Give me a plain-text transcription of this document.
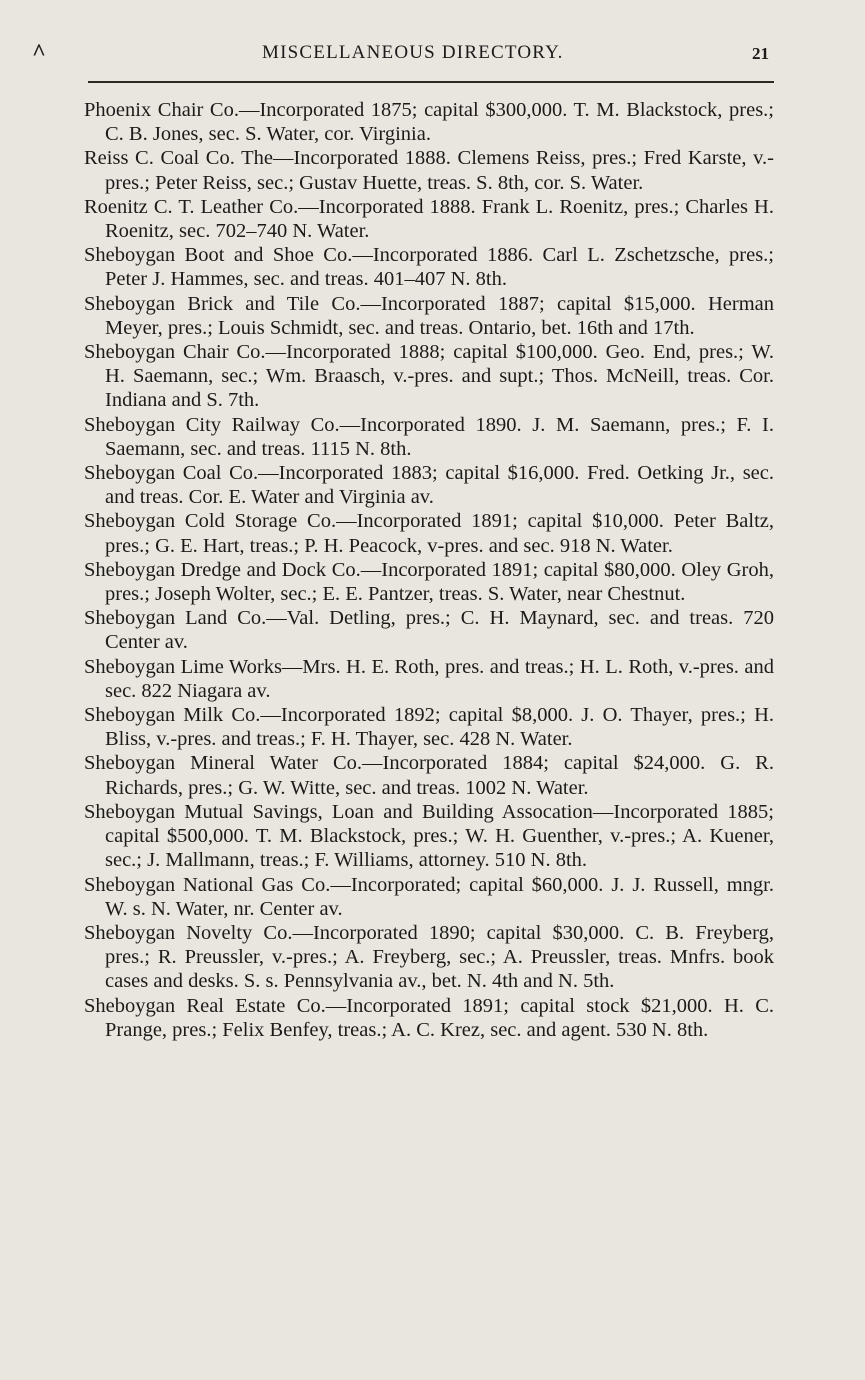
^	MISCELLANEOUS DIRECTORY.	21

Phoenix Chair Co.—Incorporated 1875; capital $300,000. T. M. Blackstock, pres.; C. B. Jones, sec. S. Water, cor. Virginia.

Reiss C. Coal Co. The—Incorporated 1888. Clemens Reiss, pres.; Fred Karste, v.-pres.; Peter Reiss, sec.; Gustav Huette, treas. S. 8th, cor. S. Water.

Roenitz C. T. Leather Co.—Incorporated 1888. Frank L. Roenitz, pres.; Charles H. Roenitz, sec. 702–740 N. Water.

Sheboygan Boot and Shoe Co.—Incorporated 1886. Carl L. Zschetzsche, pres.; Peter J. Hammes, sec. and treas. 401–407 N. 8th.

Sheboygan Brick and Tile Co.—Incorporated 1887; capital $15,000. Herman Meyer, pres.; Louis Schmidt, sec. and treas. Ontario, bet. 16th and 17th.

Sheboygan Chair Co.—Incorporated 1888; capital $100,000. Geo. End, pres.; W. H. Saemann, sec.; Wm. Braasch, v.-pres. and supt.; Thos. McNeill, treas. Cor. Indiana and S. 7th.

Sheboygan City Railway Co.—Incorporated 1890. J. M. Saemann, pres.; F. I. Saemann, sec. and treas. 1115 N. 8th.

Sheboygan Coal Co.—Incorporated 1883; capital $16,000. Fred. Oetking Jr., sec. and treas. Cor. E. Water and Virginia av.

Sheboygan Cold Storage Co.—Incorporated 1891; capital $10,000. Peter Baltz, pres.; G. E. Hart, treas.; P. H. Peacock, v-pres. and sec. 918 N. Water.

Sheboygan Dredge and Dock Co.—Incorporated 1891; capital $80,000. Oley Groh, pres.; Joseph Wolter, sec.; E. E. Pantzer, treas. S. Water, near Chestnut.

Sheboygan Land Co.—Val. Detling, pres.; C. H. Maynard, sec. and treas. 720 Center av.

Sheboygan Lime Works—Mrs. H. E. Roth, pres. and treas.; H. L. Roth, v.-pres. and sec. 822 Niagara av.

Sheboygan Milk Co.—Incorporated 1892; capital $8,000. J. O. Thayer, pres.; H. Bliss, v.-pres. and treas.; F. H. Thayer, sec. 428 N. Water.

Sheboygan Mineral Water Co.—Incorporated 1884; capital $24,000. G. R. Richards, pres.; G. W. Witte, sec. and treas. 1002 N. Water.

Sheboygan Mutual Savings, Loan and Building Assocation—Incorporated 1885; capital $500,000. T. M. Blackstock, pres.; W. H. Guenther, v.-pres.; A. Kuener, sec.; J. Mallmann, treas.; F. Williams, attorney. 510 N. 8th.

Sheboygan National Gas Co.—Incorporated; capital $60,000. J. J. Russell, mngr. W. s. N. Water, nr. Center av.

Sheboygan Novelty Co.—Incorporated 1890; capital $30,000. C. B. Freyberg, pres.; R. Preussler, v.-pres.; A. Freyberg, sec.; A. Preussler, treas. Mnfrs. book cases and desks. S. s. Pennsylvania av., bet. N. 4th and N. 5th.

Sheboygan Real Estate Co.—Incorporated 1891; capital stock $21,000. H. C. Prange, pres.; Felix Benfey, treas.; A. C. Krez, sec. and agent. 530 N. 8th.
